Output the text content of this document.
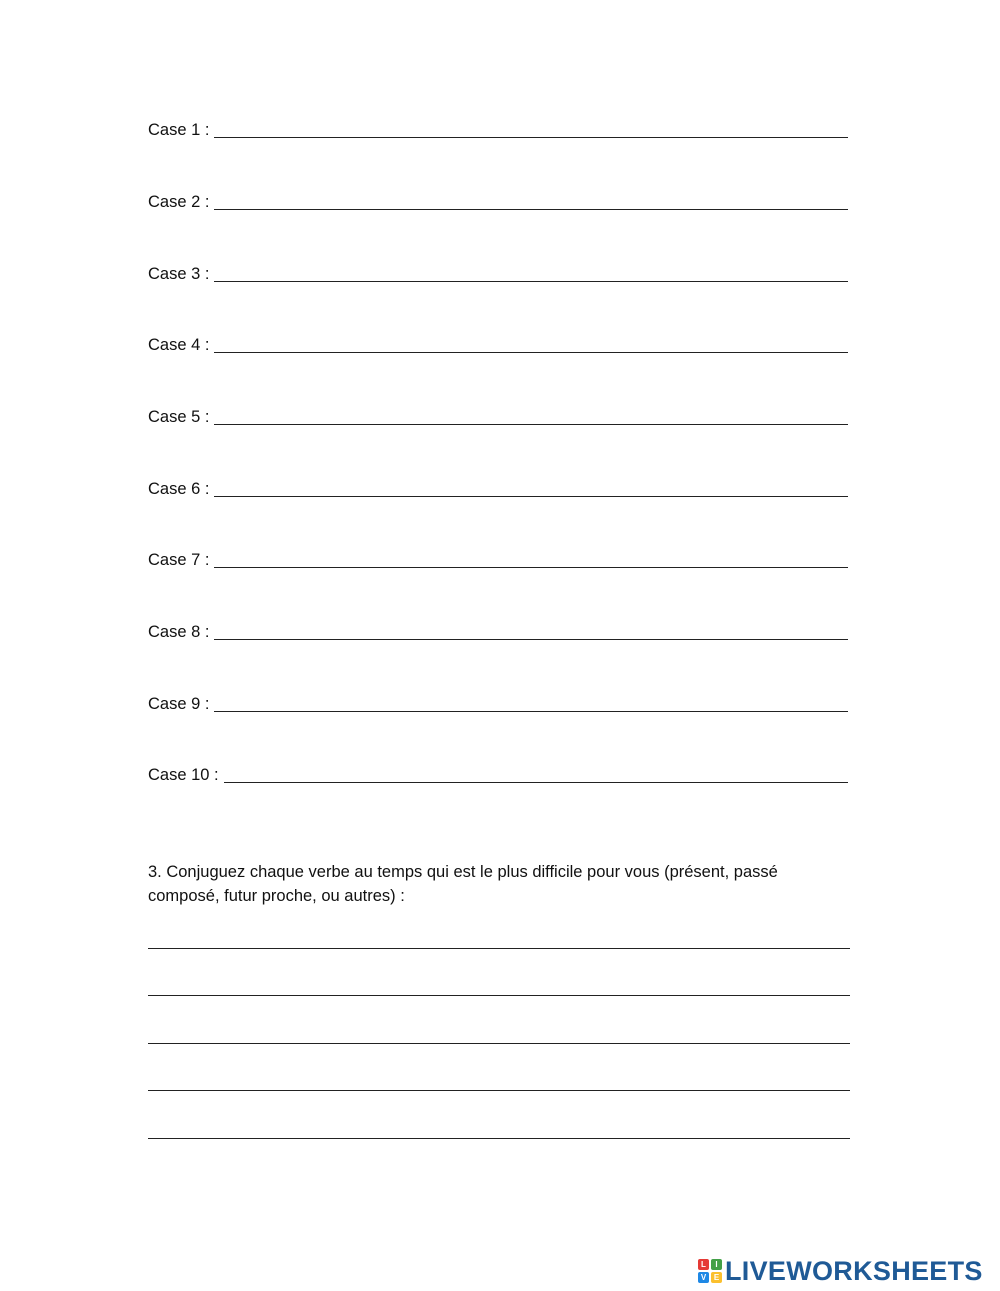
Case 1 :
Case 2 :
Case 3 :
Case 4 :
Case 5 :
Case 6 :
Case 7 :
Case 8 :
Case 9 :
Case 10 :
3. Conjuguez chaque verbe au temps qui est le plus difficile pour vous (présent, passé composé, futur proche, ou autres) :
L	I
V E LIVEWORKSHEETS
